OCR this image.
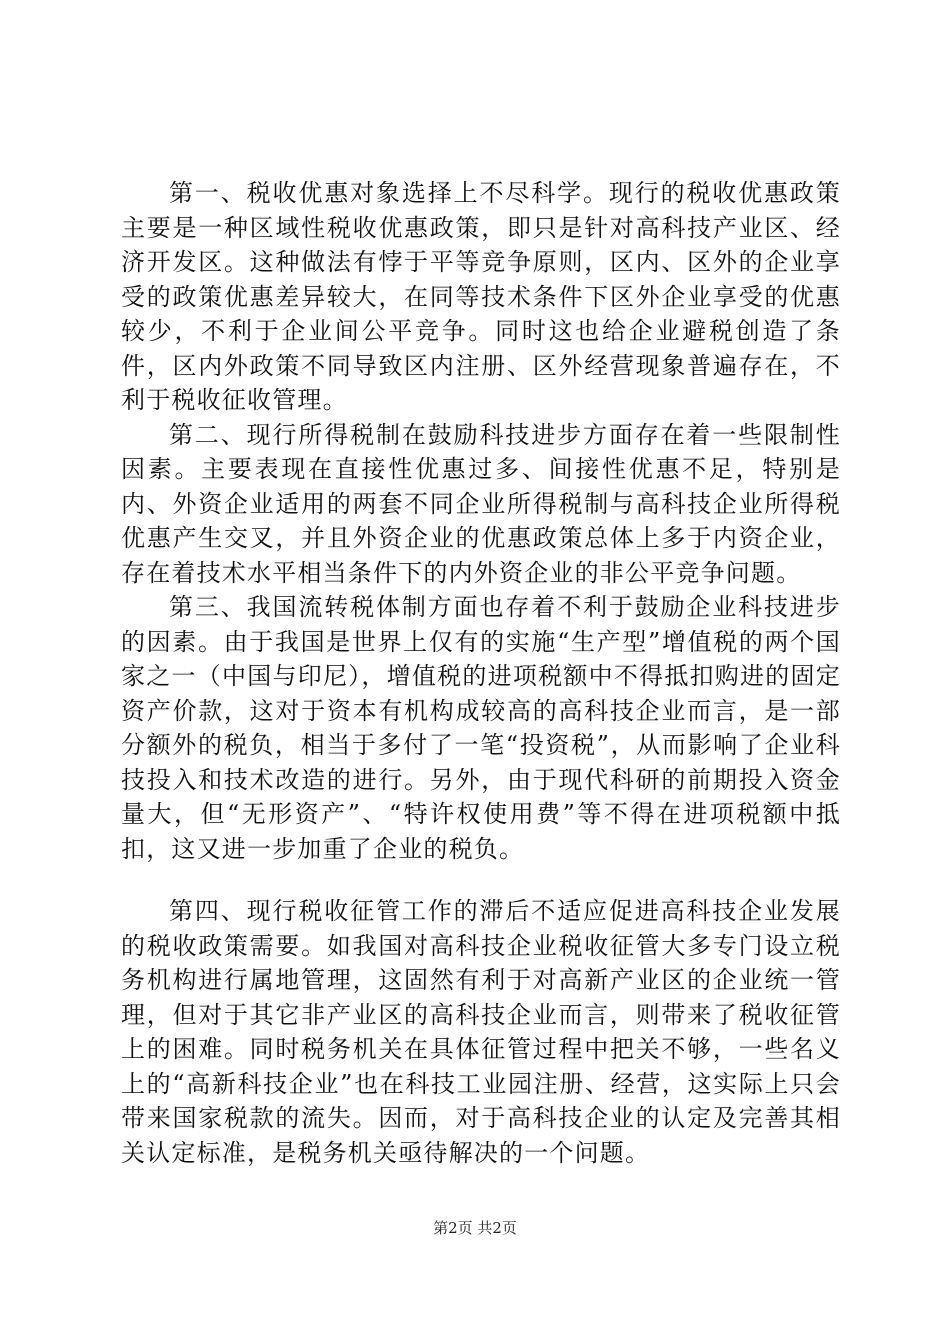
第一、税收优惠对象选择上不尽科学。现行的税收优惠政策主要是一种区域性税收优惠政策，即只是针对高科技产业区、经济开发区。这种做法有悖于平等竞争原则，区内、区外的企业享受的政策优惠差异较大，在同等技术条件下区外企业享受的优惠较少，不利于企业间公平竞争。同时这也给企业避税创造了条件，区内外政策不同导致区内注册、区外经营现象普遍存在，不利于税收征收管理。

第二、现行所得税制在鼓励科技进步方面存在着一些限制性因素。主要表现在直接性优惠过多、间接性优惠不足，特别是内、外资企业适用的两套不同企业所得税制与高科技企业所得税优惠产生交叉，并且外资企业的优惠政策总体上多于内资企业，存在着技术水平相当条件下的内外资企业的非公平竞争问题。

第三、我国流转税体制方面也存着不利于鼓励企业科技进步的因素。由于我国是世界上仅有的实施“生产型”增值税的两个国家之一（中国与印尼），增值税的进项税额中不得抵扣购进的固定资产价款，这对于资本有机构成较高的高科技企业而言，是一部分额外的税负，相当于多付了一笔“投资税”，从而影响了企业科技投入和技术改造的进行。另外，由于现代科研的前期投入资金量大，但“无形资产”、“特许权使用费”等不得在进项税额中抵扣，这又进一步加重了企业的税负。

第四、现行税收征管工作的滞后不适应促进高科技企业发展的税收政策需要。如我国对高科技企业税收征管大多专门设立税务机构进行属地管理，这固然有利于对高新产业区的企业统一管理，但对于其它非产业区的高科技企业而言，则带来了税收征管上的困难。同时税务机关在具体征管过程中把关不够，一些名义上的“高新科技企业”也在科技工业园注册、经营，这实际上只会带来国家税款的流失。因而，对于高科技企业的认定及完善其相关认定标准，是税务机关亟待解决的一个问题。

第2页 共2页
